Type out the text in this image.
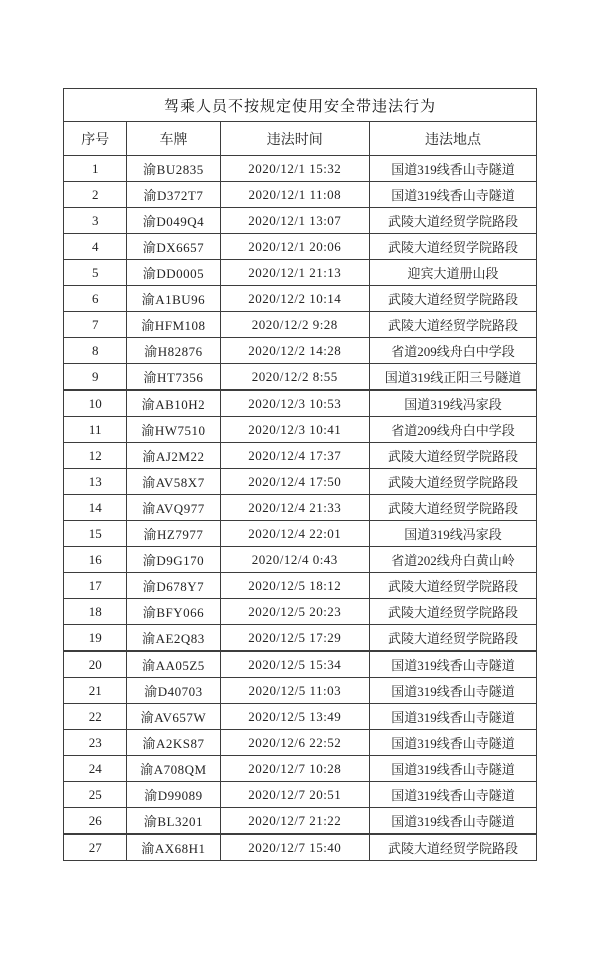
驾乘人员不按规定使用安全带违法行为			
序号	车牌	违法时间	违法地点
1	渝BU2835	2020/12/1 15:32	国道319线香山寺隧道
2	渝D372T7	2020/12/1 11:08	国道319线香山寺隧道
3	渝D049Q4	2020/12/1 13:07	武陵大道经贸学院路段
4	渝DX6657	2020/12/1 20:06	武陵大道经贸学院路段
5	渝DD0005	2020/12/1 21:13	迎宾大道册山段
6	渝A1BU96	2020/12/2 10:14	武陵大道经贸学院路段
7	渝HFM108	2020/12/2 9:28	武陵大道经贸学院路段
8	渝H82876	2020/12/2 14:28	省道209线舟白中学段
9	渝HT7356	2020/12/2 8:55	国道319线正阳三号隧道
10	渝AB10H2	2020/12/3 10:53	国道319线冯家段
11	渝HW7510	2020/12/3 10:41	省道209线舟白中学段
12	渝AJ2M22	2020/12/4 17:37	武陵大道经贸学院路段
13	渝AV58X7	2020/12/4 17:50	武陵大道经贸学院路段
14	渝AVQ977	2020/12/4 21:33	武陵大道经贸学院路段
15	渝HZ7977	2020/12/4 22:01	国道319线冯家段
16	渝D9G170	2020/12/4 0:43	省道202线舟白黄山岭
17	渝D678Y7	2020/12/5 18:12	武陵大道经贸学院路段
18	渝BFY066	2020/12/5 20:23	武陵大道经贸学院路段
19	渝AE2Q83	2020/12/5 17:29	武陵大道经贸学院路段
20	渝AA05Z5	2020/12/5 15:34	国道319线香山寺隧道
21	渝D40703	2020/12/5 11:03	国道319线香山寺隧道
22	渝AV657W	2020/12/5 13:49	国道319线香山寺隧道
23	渝A2KS87	2020/12/6 22:52	国道319线香山寺隧道
24	渝A708QM	2020/12/7 10:28	国道319线香山寺隧道
25	渝D99089	2020/12/7 20:51	国道319线香山寺隧道
26	渝BL3201	2020/12/7 21:22	国道319线香山寺隧道
27	渝AX68H1	2020/12/7 15:40	武陵大道经贸学院路段
